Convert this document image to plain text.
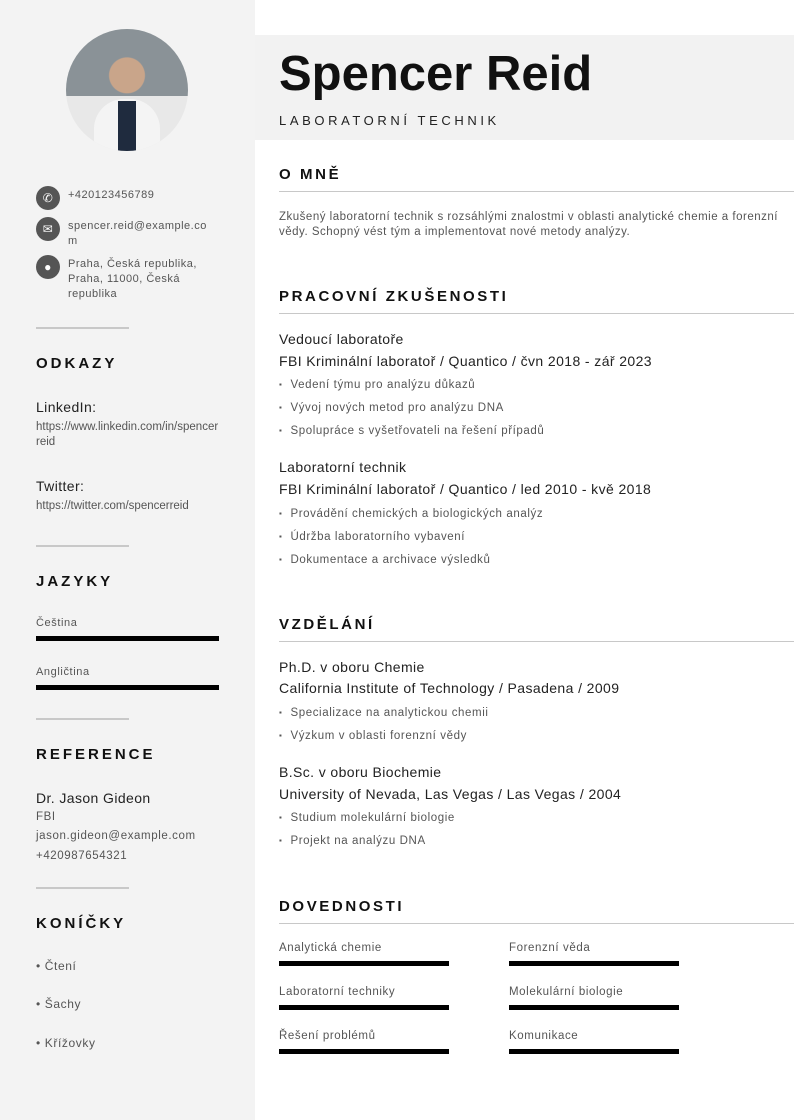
✆	+420123456789
✉	spencer.reid@example.com
●	Praha, Česká republika, Praha, 11000, Česká republika
ODKAZY
LinkedIn:
https://www.linkedin.com/in/spencerreid
Twitter:
https://twitter.com/spencerreid
JAZYKY
Čeština
Angličtina
REFERENCE
Dr. Jason Gideon
FBI
jason.gideon@example.com
+420987654321
KONÍČKY
• Čtení
• Šachy
• Křížovky
Spencer Reid
LABORATORNÍ TECHNIK
O MNĚ
Zkušený laboratorní technik s rozsáhlými znalostmi v oblasti analytické chemie a forenzní vědy. Schopný vést tým a implementovat nové metody analýzy.
PRACOVNÍ ZKUŠENOSTI
Vedoucí laboratoře
FBI Kriminální laboratoř / Quantico / čvn 2018 - zář 2023
▪ Vedení týmu pro analýzu důkazů
▪ Vývoj nových metod pro analýzu DNA
▪ Spolupráce s vyšetřovateli na řešení případů
Laboratorní technik
FBI Kriminální laboratoř / Quantico / led 2010 - kvě 2018
▪ Provádění chemických a biologických analýz
▪ Údržba laboratorního vybavení
▪ Dokumentace a archivace výsledků
VZDĚLÁNÍ
Ph.D. v oboru Chemie
California Institute of Technology / Pasadena / 2009
▪ Specializace na analytickou chemii
▪ Výzkum v oblasti forenzní vědy
B.Sc. v oboru Biochemie
University of Nevada, Las Vegas / Las Vegas / 2004
▪ Studium molekulární biologie
▪ Projekt na analýzu DNA
DOVEDNOSTI
Analytická chemie	Forenzní věda
Laboratorní techniky	Molekulární biologie
Řešení problémů	Komunikace
